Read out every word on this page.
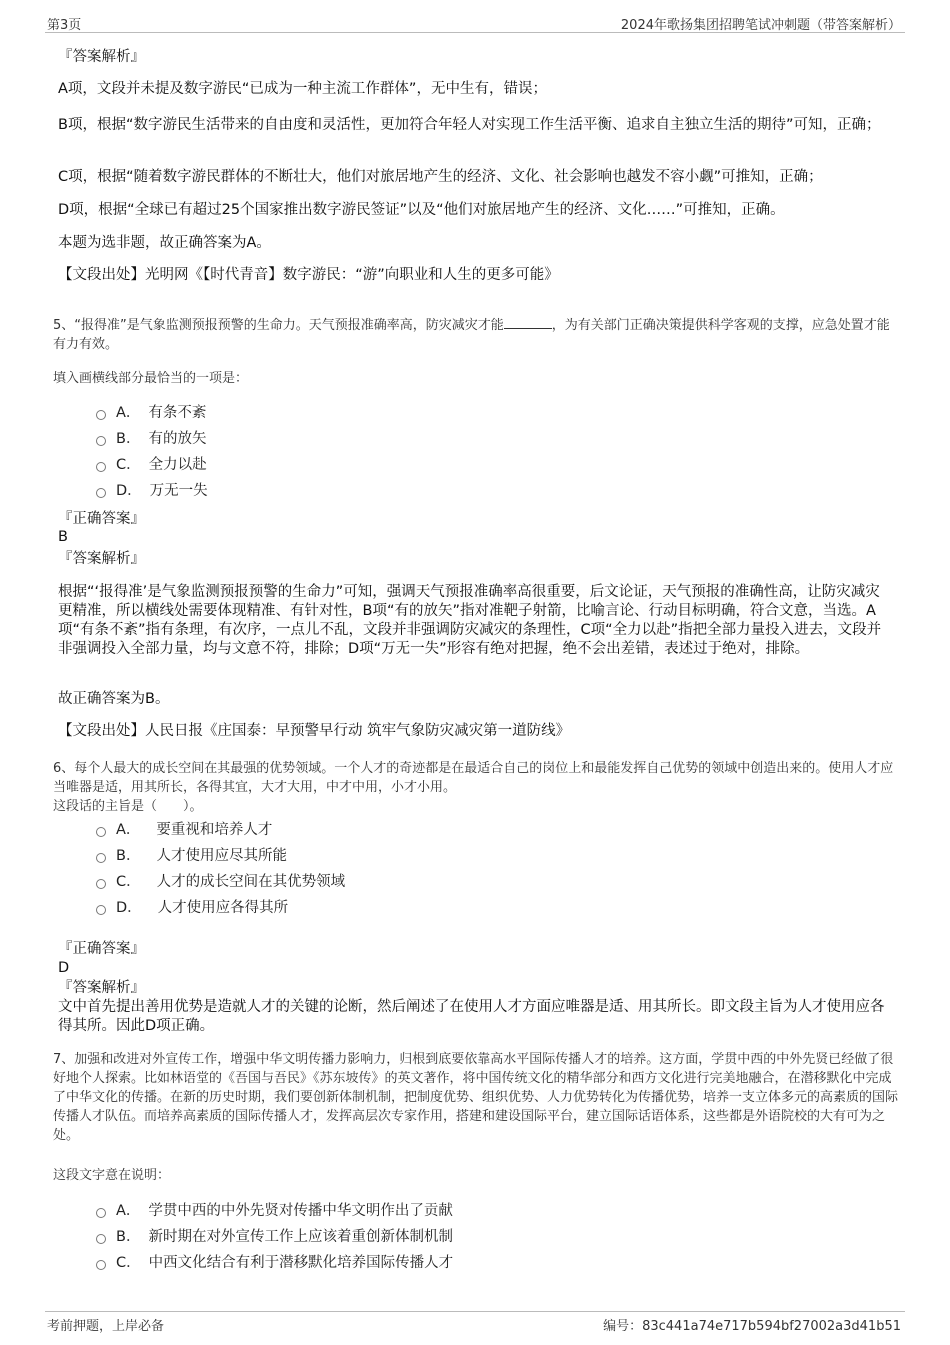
第3页	2024年歌扬集团招聘笔试冲刺题（带答案解析）
『答案解析』
A项，文段并未提及数字游民“已成为一种主流工作群体”，无中生有，错误；
B项，根据“数字游民生活带来的自由度和灵活性，更加符合年轻人对实现工作生活平衡、追求自主独立生活的期待”可知，正确；
C项，根据“随着数字游民群体的不断壮大，他们对旅居地产生的经济、文化、社会影响也越发不容小觑”可推知，正确；
D项，根据“全球已有超过25个国家推出数字游民签证”以及“他们对旅居地产生的经济、文化……”可推知，正确。
本题为选非题，故正确答案为A。
【文段出处】光明网《【时代青音】数字游民：“游”向职业和人生的更多可能》
5、“报得准”是气象监测预报预警的生命力。天气预报准确率高，防灾减灾才能	，为有关部门正确决策提供科学客观的支撑，应急处置才能有力有效。
填入画横线部分最恰当的一项是：
A． 有条不紊
B． 有的放矢
C． 全力以赴
D． 万无一失
『正确答案』
B
『答案解析』
根据“‘报得准’是气象监测预报预警的生命力”可知，强调天气预报准确率高很重要，后文论证，天气预报的准确性高，让防灾减灾更精准，所以横线处需要体现精准、有针对性，B项“有的放矢”指对准靶子射箭，比喻言论、行动目标明确，符合文意，当选。A项“有条不紊”指有条理，有次序，一点儿不乱，文段并非强调防灾减灾的条理性，C项“全力以赴”指把全部力量投入进去，文段并非强调投入全部力量，均与文意不符，排除；D项“万无一失”形容有绝对把握，绝不会出差错，表述过于绝对，排除。
故正确答案为B。
【文段出处】人民日报《庄国泰：早预警早行动 筑牢气象防灾减灾第一道防线》
6、每个人最大的成长空间在其最强的优势领域。一个人才的奇迹都是在最适合自己的岗位上和最能发挥自己优势的领域中创造出来的。使用人才应当唯器是适，用其所长，各得其宜，大才大用，中才中用，小才小用。
这段话的主旨是（　　）。
A． 要重视和培养人才
B． 人才使用应尽其所能
C． 人才的成长空间在其优势领域
D． 人才使用应各得其所
『正确答案』
D
『答案解析』
文中首先提出善用优势是造就人才的关键的论断，然后阐述了在使用人才方面应唯器是适、用其所长。即文段主旨为人才使用应各得其所。因此D项正确。
7、加强和改进对外宣传工作，增强中华文明传播力影响力，归根到底要依靠高水平国际传播人才的培养。这方面，学贯中西的中外先贤已经做了很好地个人探索。比如林语堂的《吾国与吾民》《苏东坡传》的英文著作，将中国传统文化的精华部分和西方文化进行完美地融合，在潜移默化中完成了中华文化的传播。在新的历史时期，我们要创新体制机制，把制度优势、组织优势、人力优势转化为传播优势，培养一支立体多元的高素质的国际传播人才队伍。而培养高素质的国际传播人才，发挥高层次专家作用，搭建和建设国际平台，建立国际话语体系，这些都是外语院校的大有可为之处。
这段文字意在说明：
A． 学贯中西的中外先贤对传播中华文明作出了贡献
B． 新时期在对外宣传工作上应该着重创新体制机制
C． 中西文化结合有利于潜移默化培养国际传播人才
考前押题，上岸必备	编号：83c441a74e717b594bf27002a3d41b51
